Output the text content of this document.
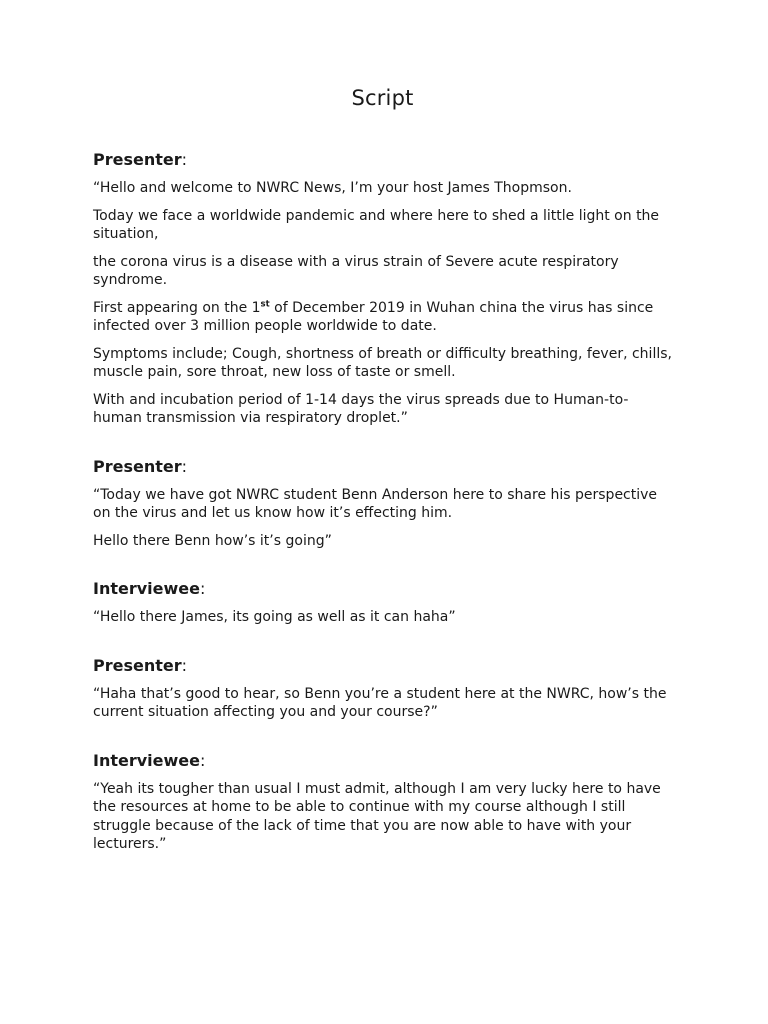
Script
Presenter:

“Hello and welcome to NWRC News, I’m your host James Thopmson.

Today we face a worldwide pandemic and where here to shed a little light on the situation,

the corona virus is a disease with a virus strain of Severe acute respiratory syndrome.

First appearing on the 1st of December 2019 in Wuhan china the virus has since infected over 3 million people worldwide to date.

Symptoms include; Cough, shortness of breath or difficulty breathing, fever, chills, muscle pain, sore throat, new loss of taste or smell.

With and incubation period of 1-14 days the virus spreads due to Human-to-human transmission via respiratory droplet.”

Presenter:

“Today we have got NWRC student Benn Anderson here to share his perspective on the virus and let us know how it’s effecting him.

Hello there Benn how’s it’s going”

Interviewee:

“Hello there James, its going as well as it can haha”

Presenter:

“Haha that’s good to hear, so Benn you’re a student here at the NWRC, how’s the current situation affecting you and your course?”

Interviewee:

“Yeah its tougher than usual I must admit, although I am very lucky here to have the resources at home to be able to continue with my course although I still struggle because of the lack of time that you are now able to have with your lecturers.”
